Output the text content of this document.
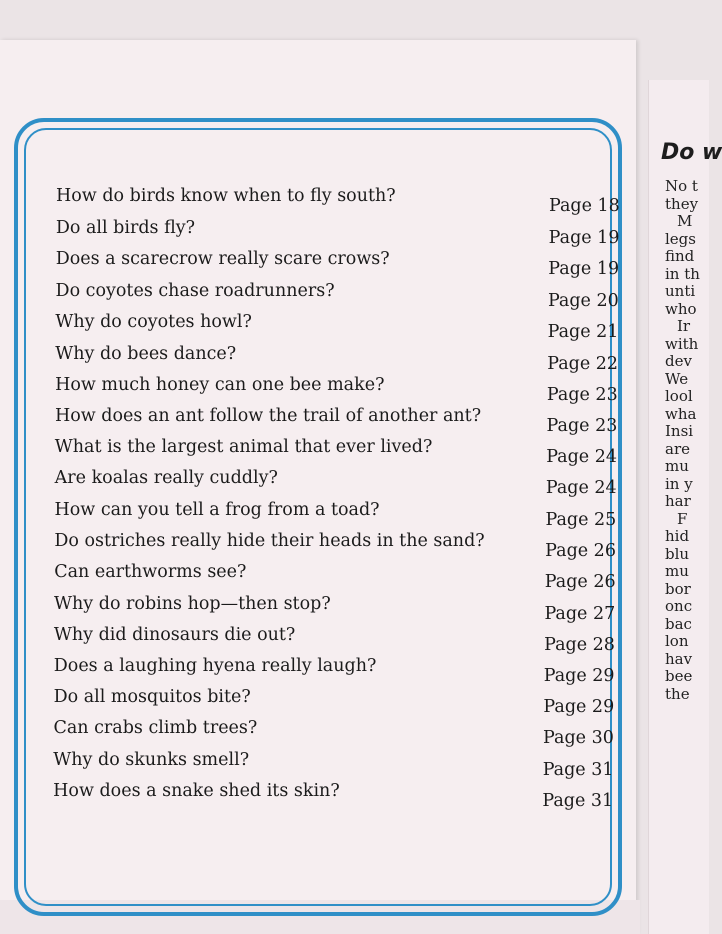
Do w
No t
they
M
legs
find
in th
unti
who
Ir
with
dev
We
lool
wha
Insi
are
mu
in y
har
F
hid
blu
mu
bor
onc
bac
lon
hav
bee
the
How do birds know when to fly south?	Page 18
Do all birds fly?	Page 19
Does a scarecrow really scare crows?	Page 19
Do coyotes chase roadrunners?	Page 20
Why do coyotes howl?	Page 21
Why do bees dance?	Page 22
How much honey can one bee make?	Page 23
How does an ant follow the trail of another ant?	Page 23
What is the largest animal that ever lived?	Page 24
Are koalas really cuddly?	Page 24
How can you tell a frog from a toad?	Page 25
Do ostriches really hide their heads in the sand?	Page 26
Can earthworms see?	Page 26
Why do robins hop—then stop?	Page 27
Why did dinosaurs die out?	Page 28
Does a laughing hyena really laugh?	Page 29
Do all mosquitos bite?	Page 29
Can crabs climb trees?	Page 30
Why do skunks smell?	Page 31
How does a snake shed its skin?	Page 31
